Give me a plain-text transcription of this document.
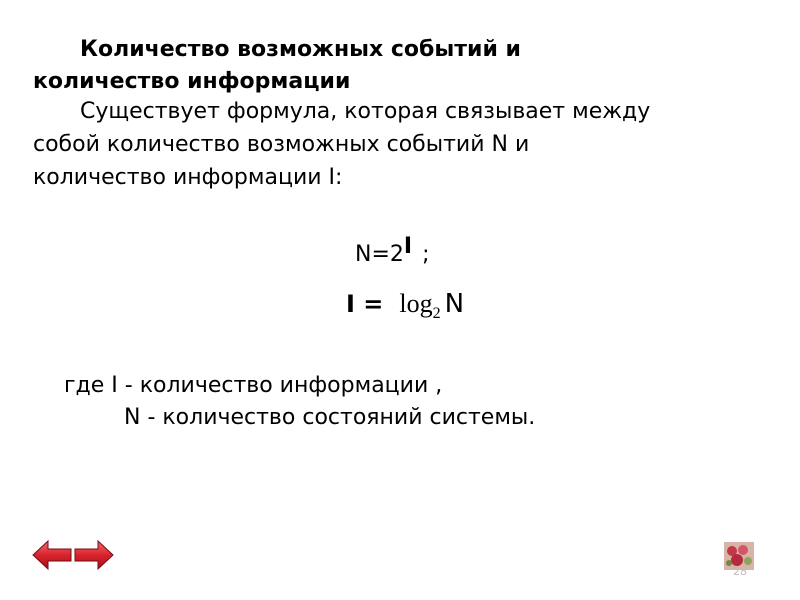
Количество возможных событий и
количество информации
Существует формула, которая связывает между
собой количество возможных событий N и
количество информации I:
$N=2^I$ ;
$I = \log_2 N$
где I - количество информации ,
N - количество состояний системы.
28
